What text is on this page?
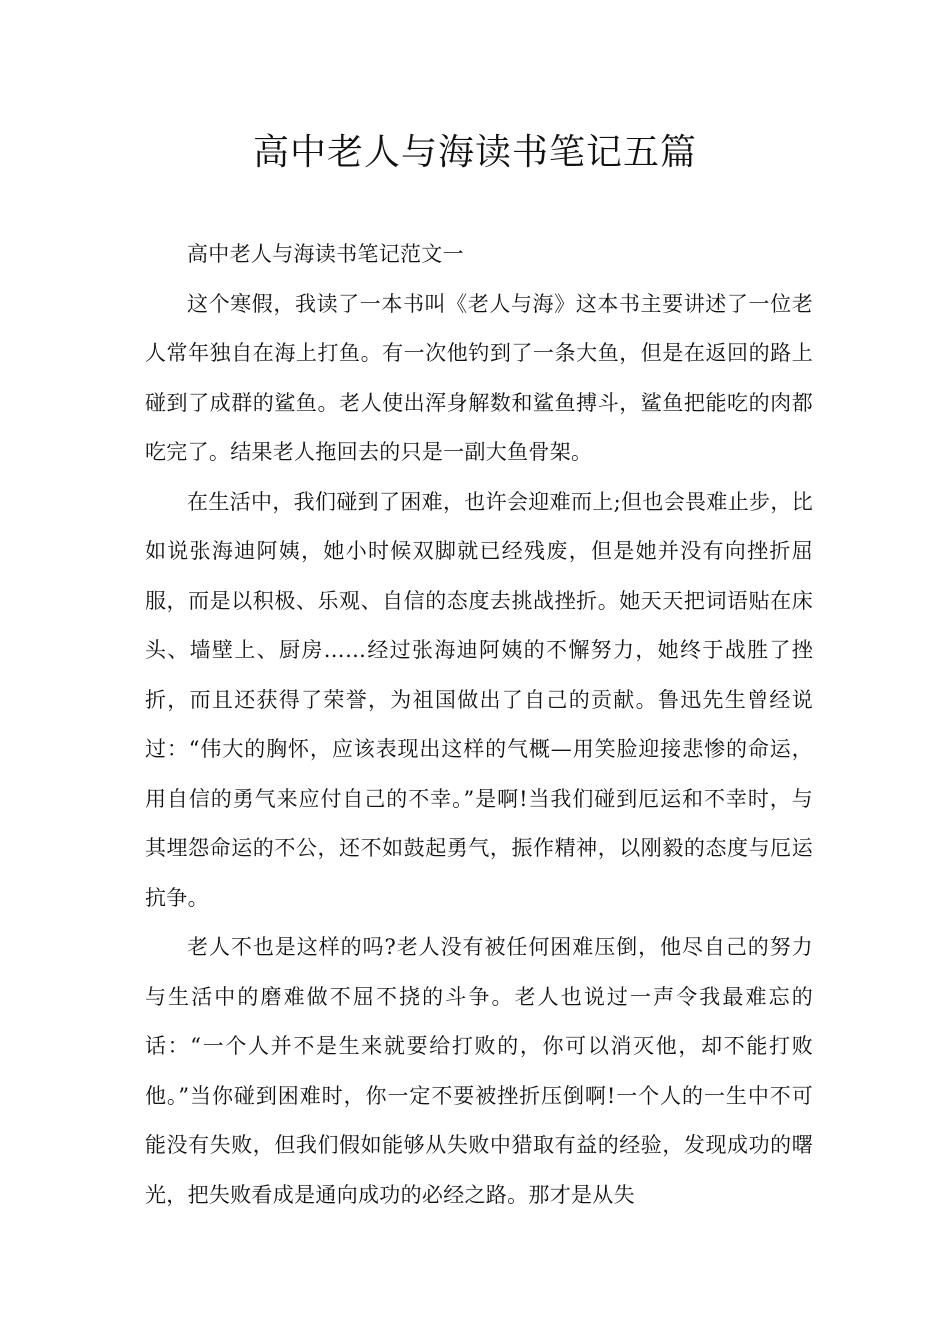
高中老人与海读书笔记五篇

高中老人与海读书笔记范文一

这个寒假，我读了一本书叫《老人与海》这本书主要讲述了一位老人常年独自在海上打鱼。有一次他钓到了一条大鱼，但是在返回的路上碰到了成群的鲨鱼。老人使出浑身解数和鲨鱼搏斗，鲨鱼把能吃的肉都吃完了。结果老人拖回去的只是一副大鱼骨架。

在生活中，我们碰到了困难，也许会迎难而上;但也会畏难止步，比如说张海迪阿姨，她小时候双脚就已经残废，但是她并没有向挫折屈服，而是以积极、乐观、自信的态度去挑战挫折。她天天把词语贴在床头、墙壁上、厨房……经过张海迪阿姨的不懈努力，她终于战胜了挫折，而且还获得了荣誉，为祖国做出了自己的贡献。鲁迅先生曾经说过：“伟大的胸怀，应该表现出这样的气概—用笑脸迎接悲惨的命运，用自信的勇气来应付自己的不幸。”是啊!当我们碰到厄运和不幸时，与其埋怨命运的不公，还不如鼓起勇气，振作精神，以刚毅的态度与厄运抗争。

老人不也是这样的吗?老人没有被任何困难压倒，他尽自己的努力与生活中的磨难做不屈不挠的斗争。老人也说过一声令我最难忘的话：“一个人并不是生来就要给打败的，你可以消灭他，却不能打败他。”当你碰到困难时，你一定不要被挫折压倒啊!一个人的一生中不可能没有失败，但我们假如能够从失败中猎取有益的经验，发现成功的曙光，把失败看成是通向成功的必经之路。那才是从失
